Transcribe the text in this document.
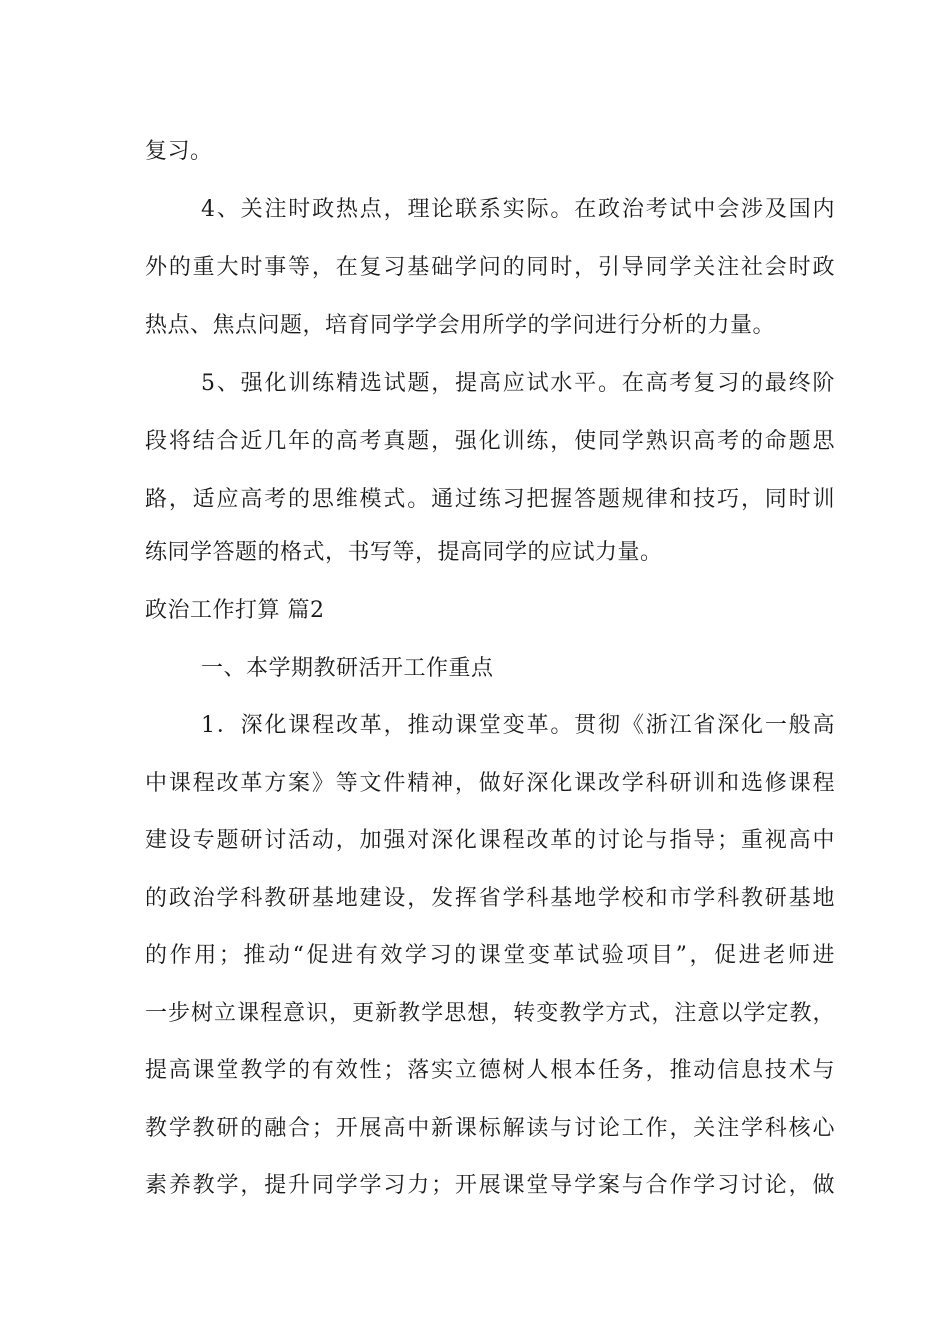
复习。
4、关注时政热点，理论联系实际。在政治考试中会涉及国内
外的重大时事等，在复习基础学问的同时，引导同学关注社会时政
热点、焦点问题，培育同学学会用所学的学问进行分析的力量。
5、强化训练精选试题，提高应试水平。在高考复习的最终阶
段将结合近几年的高考真题，强化训练，使同学熟识高考的命题思
路，适应高考的思维模式。通过练习把握答题规律和技巧，同时训
练同学答题的格式，书写等，提高同学的应试力量。
政治工作打算 篇2
一、本学期教研活开工作重点
1．深化课程改革，推动课堂变革。贯彻《浙江省深化一般高
中课程改革方案》等文件精神，做好深化课改学科研训和选修课程
建设专题研讨活动，加强对深化课程改革的讨论与指导；重视高中
的政治学科教研基地建设，发挥省学科基地学校和市学科教研基地
的作用；推动“促进有效学习的课堂变革试验项目”，促进老师进
一步树立课程意识，更新教学思想，转变教学方式，注意以学定教，
提高课堂教学的有效性；落实立德树人根本任务，推动信息技术与
教学教研的融合；开展高中新课标解读与讨论工作，关注学科核心
素养教学，提升同学学习力；开展课堂导学案与合作学习讨论，做
